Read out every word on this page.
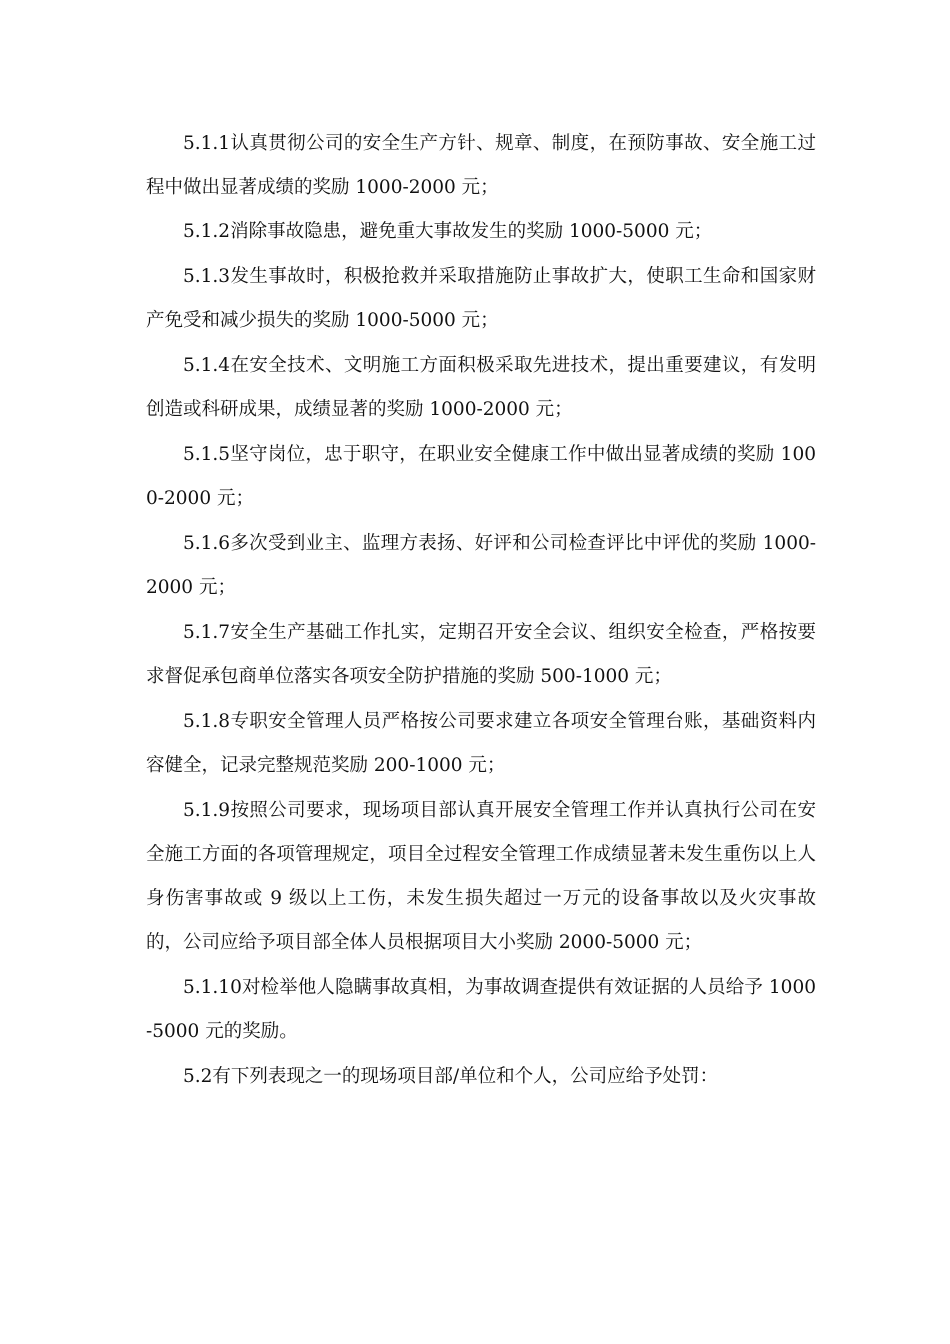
5.1.1认真贯彻公司的安全生产方针、规章、制度，在预防事故、安全施工过程中做出显著成绩的奖励 1000-2000 元；

5.1.2消除事故隐患，避免重大事故发生的奖励 1000-5000 元；

5.1.3发生事故时，积极抢救并采取措施防止事故扩大，使职工生命和国家财产免受和减少损失的奖励 1000-5000 元；

5.1.4在安全技术、文明施工方面积极采取先进技术，提出重要建议，有发明创造或科研成果，成绩显著的奖励 1000-2000 元；

5.1.5坚守岗位，忠于职守，在职业安全健康工作中做出显著成绩的奖励 1000-2000 元；

5.1.6多次受到业主、监理方表扬、好评和公司检查评比中评优的奖励 1000-2000 元；

5.1.7安全生产基础工作扎实，定期召开安全会议、组织安全检查，严格按要求督促承包商单位落实各项安全防护措施的奖励 500-1000 元；

5.1.8专职安全管理人员严格按公司要求建立各项安全管理台账，基础资料内容健全，记录完整规范奖励 200-1000 元；

5.1.9按照公司要求，现场项目部认真开展安全管理工作并认真执行公司在安全施工方面的各项管理规定，项目全过程安全管理工作成绩显著未发生重伤以上人身伤害事故或 9 级以上工伤，未发生损失超过一万元的设备事故以及火灾事故的，公司应给予项目部全体人员根据项目大小奖励 2000-5000 元；

5.1.10对检举他人隐瞒事故真相，为事故调查提供有效证据的人员给予 1000-5000 元的奖励。

5.2有下列表现之一的现场项目部/单位和个人，公司应给予处罚：
